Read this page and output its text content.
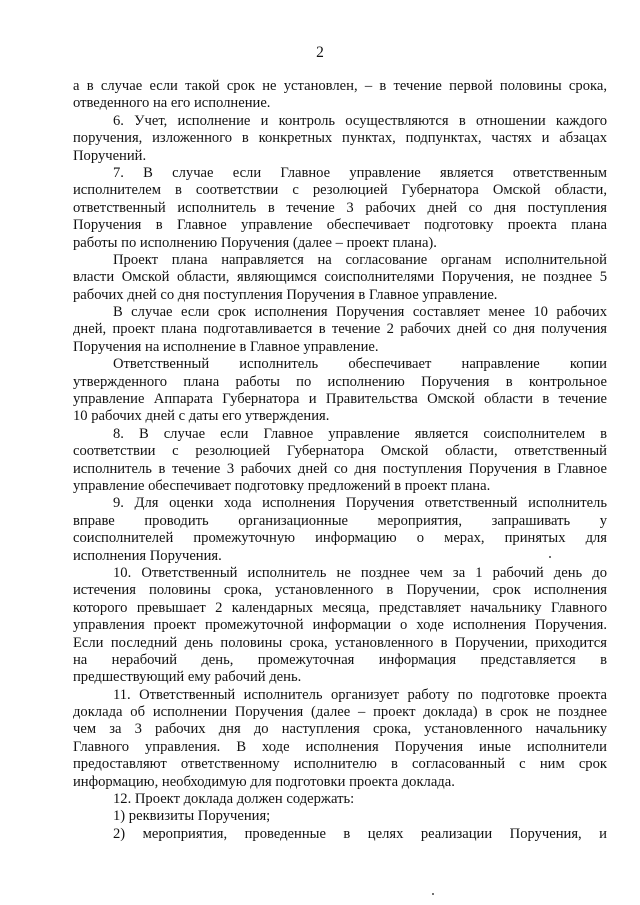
2
а в случае если такой срок не установлен, – в течение первой половины срока,
отведенного на его исполнение.
6. Учет, исполнение и контроль осуществляются в отношении каждого
поручения, изложенного в конкретных пунктах, подпунктах, частях и абзацах
Поручений.
7. В случае если Главное управление является ответственным
исполнителем в соответствии с резолюцией Губернатора Омской области,
ответственный исполнитель в течение 3 рабочих дней со дня поступления
Поручения в Главное управление обеспечивает подготовку проекта плана
работы по исполнению Поручения (далее – проект плана).
Проект плана направляется на согласование органам исполнительной
власти Омской области, являющимся соисполнителями Поручения, не позднее 5
рабочих дней со дня поступления Поручения в Главное управление.
В случае если срок исполнения Поручения составляет менее 10 рабочих
дней, проект плана подготавливается в течение 2 рабочих дней со дня получения
Поручения на исполнение в Главное управление.
Ответственный исполнитель обеспечивает направление копии
утвержденного плана работы по исполнению Поручения в контрольное
управление Аппарата Губернатора и Правительства Омской области в течение
10 рабочих дней с даты его утверждения.
8. В случае если Главное управление является соисполнителем в
соответствии с резолюцией Губернатора Омской области, ответственный
исполнитель в течение 3 рабочих дней со дня поступления Поручения в Главное
управление обеспечивает подготовку предложений в проект плана.
9. Для оценки хода исполнения Поручения ответственный исполнитель
вправе проводить организационные мероприятия, запрашивать у
соисполнителей промежуточную информацию о мерах, принятых для
исполнения Поручения.
10. Ответственный исполнитель не позднее чем за 1 рабочий день до
истечения половины срока, установленного в Поручении, срок исполнения
которого превышает 2 календарных месяца, представляет начальнику Главного
управления проект промежуточной информации о ходе исполнения Поручения.
Если последний день половины срока, установленного в Поручении, приходится
на нерабочий день, промежуточная информация представляется в
предшествующий ему рабочий день.
11. Ответственный исполнитель организует работу по подготовке проекта
доклада об исполнении Поручения (далее – проект доклада) в срок не позднее
чем за 3 рабочих дня до наступления срока, установленного начальнику
Главного управления. В ходе исполнения Поручения иные исполнители
предоставляют ответственному исполнителю в согласованный с ним срок
информацию, необходимую для подготовки проекта доклада.
12. Проект доклада должен содержать:
1) реквизиты Поручения;
2) мероприятия, проведенные в целях реализации Поручения, и
